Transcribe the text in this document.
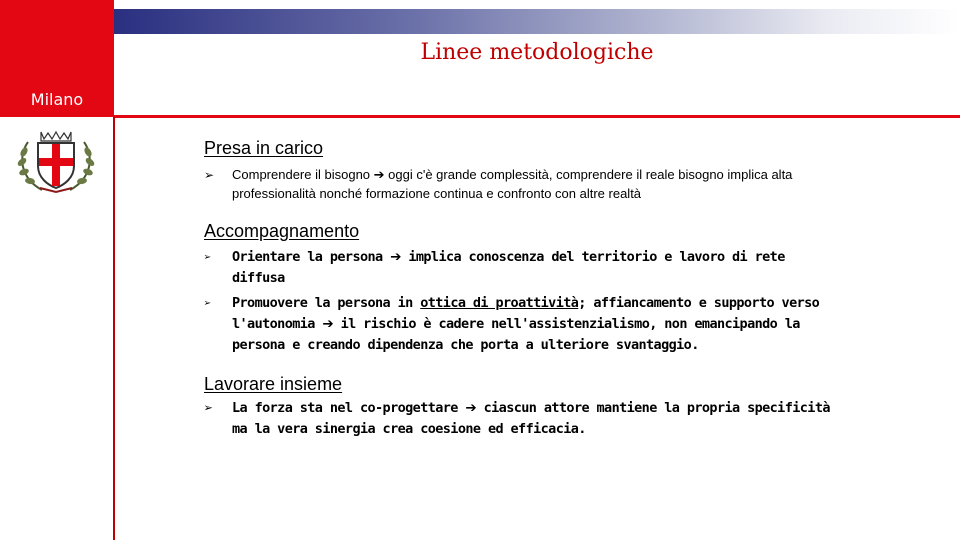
Milano
Linee metodologiche
Presa in carico
➢ Comprendere il bisogno ➔ oggi c'è grande complessità, comprendere il reale bisogno implica alta professionalità nonché formazione continua e confronto con altre realtà
Accompagnamento
➢ Orientare la persona ➔ implica conoscenza del territorio e lavoro di rete diffusa
➢ Promuovere la persona in ottica di proattività; affiancamento e supporto verso l'autonomia ➔ il rischio è cadere nell'assistenzialismo, non emancipando la persona e creando dipendenza che porta a ulteriore svantaggio.
Lavorare insieme
➢ La forza sta nel co-progettare ➔ ciascun attore mantiene la propria specificità ma la vera sinergia crea coesione ed efficacia.
